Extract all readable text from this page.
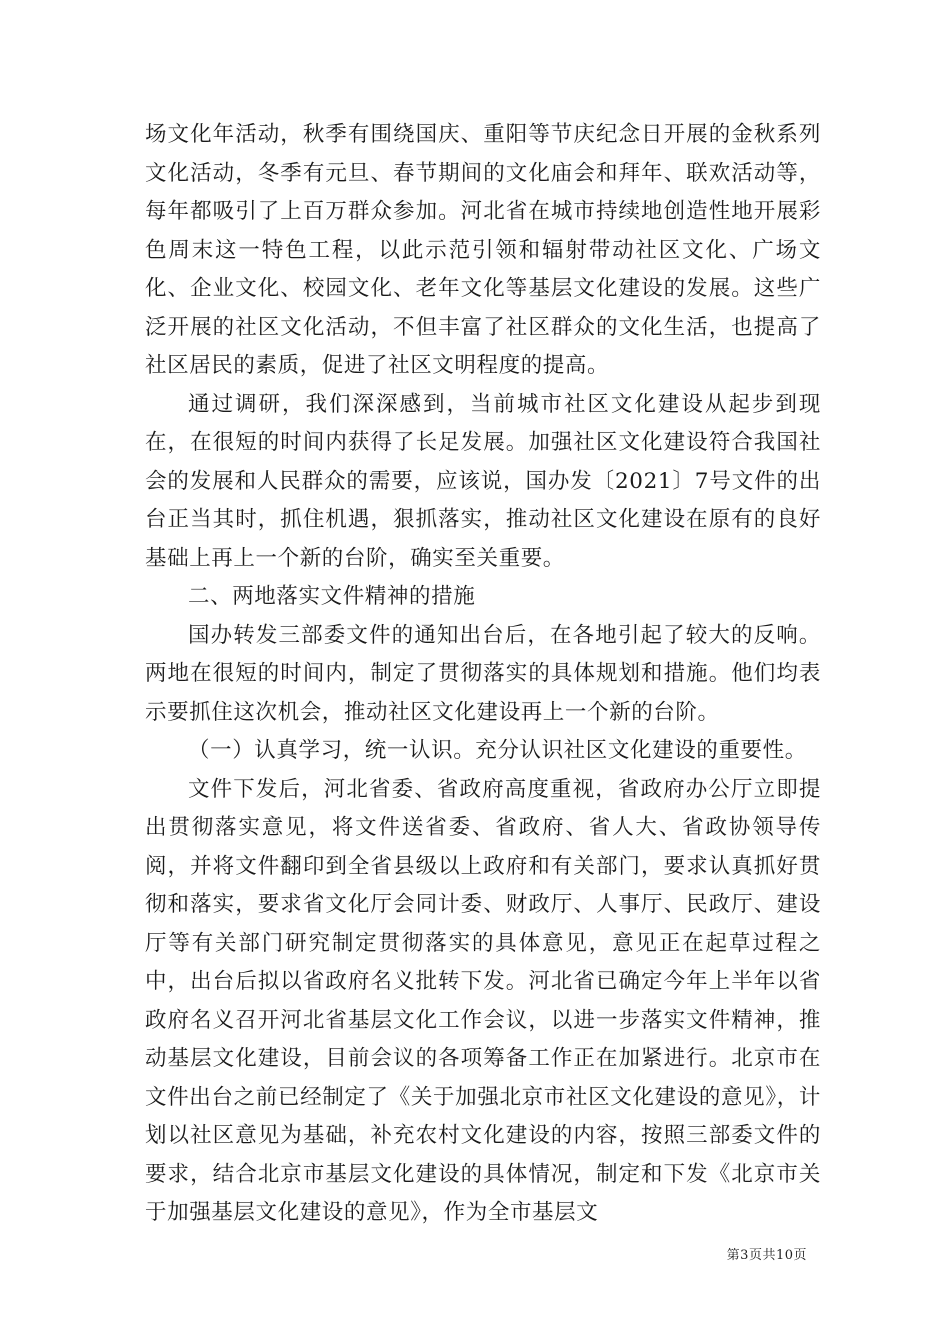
场文化年活动，秋季有围绕国庆、重阳等节庆纪念日开展的金秋系列文化活动，冬季有元旦、春节期间的文化庙会和拜年、联欢活动等，每年都吸引了上百万群众参加。河北省在城市持续地创造性地开展彩色周末这一特色工程，以此示范引领和辐射带动社区文化、广场文化、企业文化、校园文化、老年文化等基层文化建设的发展。这些广泛开展的社区文化活动，不但丰富了社区群众的文化生活，也提高了社区居民的素质，促进了社区文明程度的提高。

通过调研，我们深深感到，当前城市社区文化建设从起步到现在，在很短的时间内获得了长足发展。加强社区文化建设符合我国社会的发展和人民群众的需要，应该说，国办发〔2021〕7号文件的出台正当其时，抓住机遇，狠抓落实，推动社区文化建设在原有的良好基础上再上一个新的台阶，确实至关重要。

二、两地落实文件精神的措施

国办转发三部委文件的通知出台后，在各地引起了较大的反响。两地在很短的时间内，制定了贯彻落实的具体规划和措施。他们均表示要抓住这次机会，推动社区文化建设再上一个新的台阶。

（一）认真学习，统一认识。充分认识社区文化建设的重要性。

文件下发后，河北省委、省政府高度重视，省政府办公厅立即提出贯彻落实意见，将文件送省委、省政府、省人大、省政协领导传阅，并将文件翻印到全省县级以上政府和有关部门，要求认真抓好贯彻和落实，要求省文化厅会同计委、财政厅、人事厅、民政厅、建设厅等有关部门研究制定贯彻落实的具体意见，意见正在起草过程之中，出台后拟以省政府名义批转下发。河北省已确定今年上半年以省政府名义召开河北省基层文化工作会议，以进一步落实文件精神，推动基层文化建设，目前会议的各项筹备工作正在加紧进行。北京市在文件出台之前已经制定了《关于加强北京市社区文化建设的意见》，计划以社区意见为基础，补充农村文化建设的内容，按照三部委文件的要求，结合北京市基层文化建设的具体情况，制定和下发《北京市关于加强基层文化建设的意见》，作为全市基层文

第3页共10页
